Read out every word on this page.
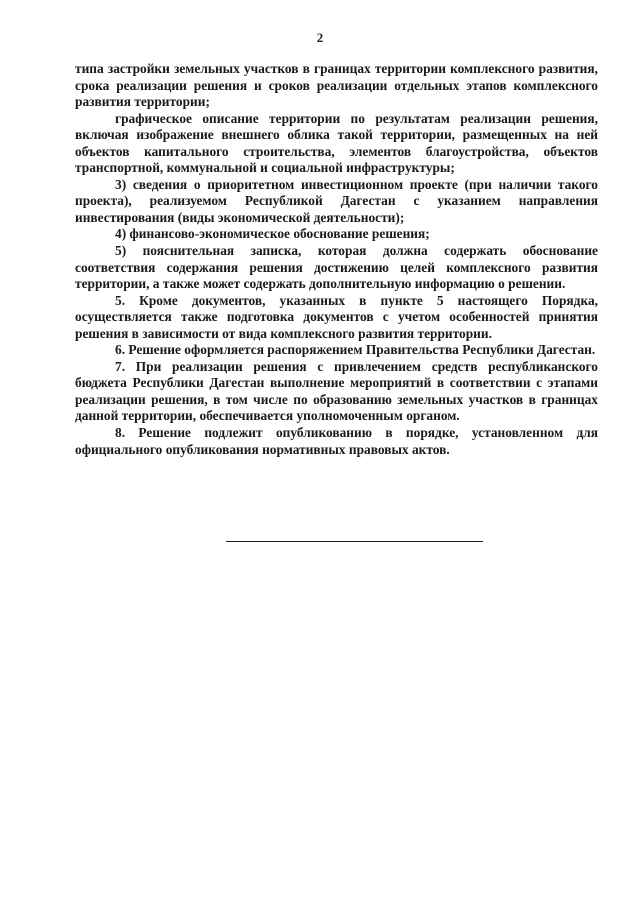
2

типа застройки земельных участков в границах территории комплексного развития, срока реализации решения и сроков реализации отдельных этапов комплексного развития территории;

графическое описание территории по результатам реализации решения, включая изображение внешнего облика такой территории, размещенных на ней объектов капитального строительства, элементов благоустройства, объектов транспортной, коммунальной и социальной инфраструктуры;

3) сведения о приоритетном инвестиционном проекте (при наличии такого проекта), реализуемом Республикой Дагестан с указанием направления инвестирования (виды экономической деятельности);

4) финансово-экономическое обоснование решения;

5) пояснительная записка, которая должна содержать обоснование соответствия содержания решения достижению целей комплексного развития территории, а также может содержать дополнительную информацию о решении.

5. Кроме документов, указанных в пункте 5 настоящего Порядка, осуществляется также подготовка документов с учетом особенностей принятия решения в зависимости от вида комплексного развития территории.

6. Решение оформляется распоряжением Правительства Республики Дагестан.

7. При реализации решения с привлечением средств республиканского бюджета Республики Дагестан выполнение мероприятий в соответствии с этапами реализации решения, в том числе по образованию земельных участков в границах данной территории, обеспечивается уполномоченным органом.

8. Решение подлежит опубликованию в порядке, установленном для официального опубликования нормативных правовых актов.
